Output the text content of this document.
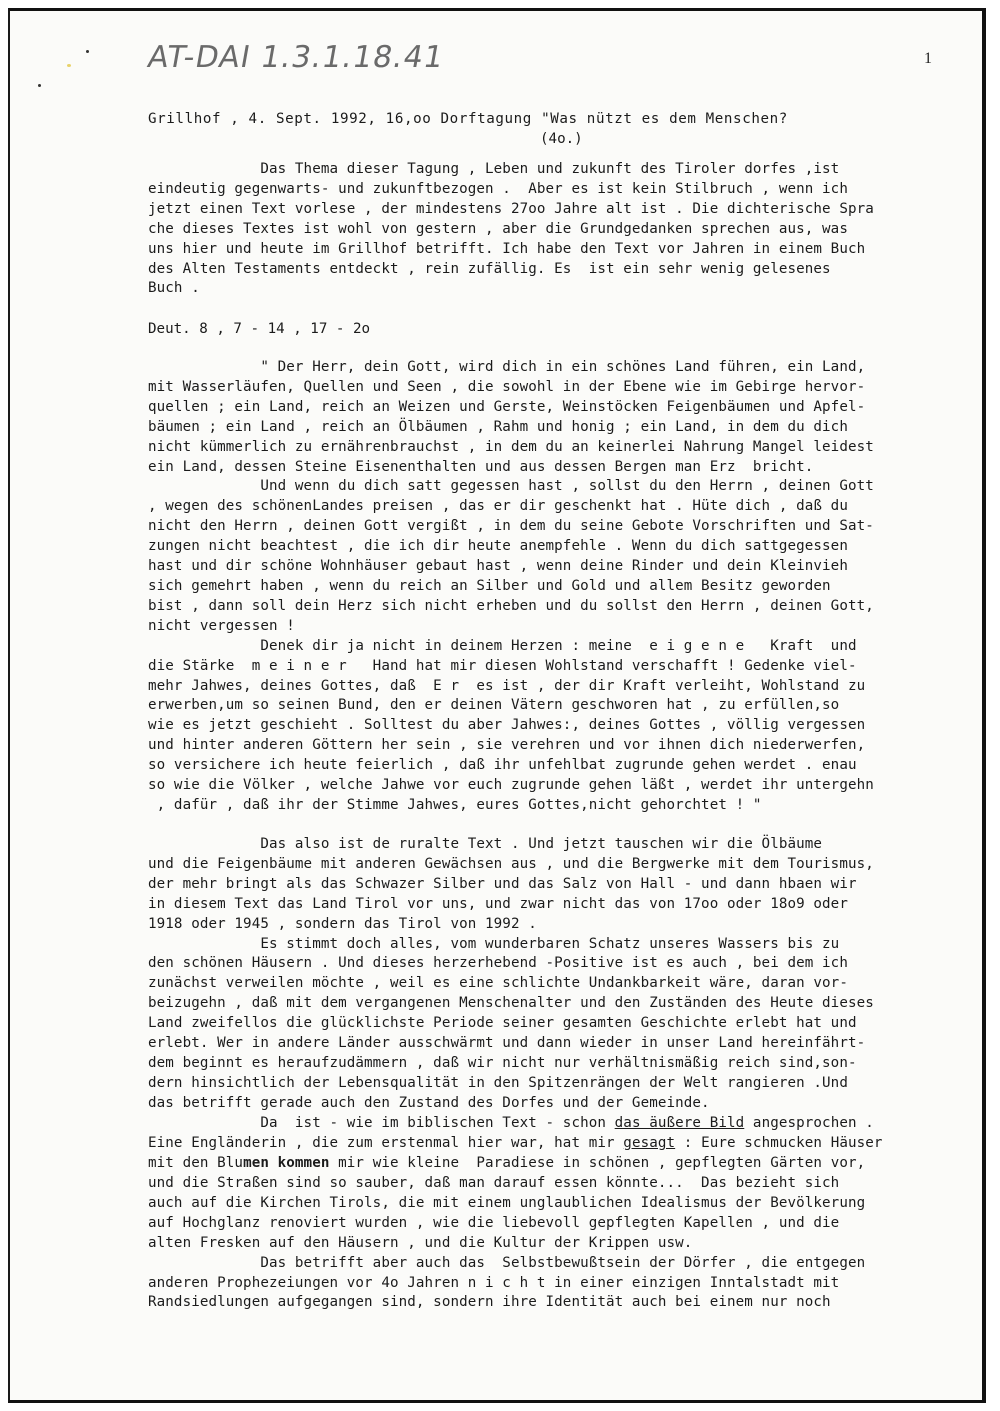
AT-DAI 1.3.1.18.41	1
Grillhof , 4. Sept. 1992, 16,oo Dorftagung "Was nützt es dem Menschen?
(4o.)
Das Thema dieser Tagung , Leben und zukunft des Tiroler dorfes ,ist
eindeutig gegenwarts- und zukunftbezogen .  Aber es ist kein Stilbruch , wenn ich
jetzt einen Text vorlese , der mindestens 27oo Jahre alt ist . Die dichterische Spra
che dieses Textes ist wohl von gestern , aber die Grundgedanken sprechen aus, was
uns hier und heute im Grillhof betrifft. Ich habe den Text vor Jahren in einem Buch
des Alten Testaments entdeckt , rein zufällig. Es  ist ein sehr wenig gelesenes
Buch .
Deut. 8 , 7 - 14 , 17 - 2o
" Der Herr, dein Gott, wird dich in ein schönes Land führen, ein Land,
mit Wasserläufen, Quellen und Seen , die sowohl in der Ebene wie im Gebirge hervor-
quellen ; ein Land, reich an Weizen und Gerste, Weinstöcken Feigenbäumen und Apfel-
bäumen ; ein Land , reich an Ölbäumen , Rahm und honig ; ein Land, in dem du dich
nicht kümmerlich zu ernährenbrauchst , in dem du an keinerlei Nahrung Mangel leidest
ein Land, dessen Steine Eisenenthalten und aus dessen Bergen man Erz  bricht.
Und wenn du dich satt gegessen hast , sollst du den Herrn , deinen Gott
, wegen des schönenLandes preisen , das er dir geschenkt hat . Hüte dich , daß du
nicht den Herrn , deinen Gott vergißt , in dem du seine Gebote Vorschriften und Sat-
zungen nicht beachtest , die ich dir heute anempfehle . Wenn du dich sattgegessen
hast und dir schöne Wohnhäuser gebaut hast , wenn deine Rinder und dein Kleinvieh
sich gemehrt haben , wenn du reich an Silber und Gold und allem Besitz geworden
bist , dann soll dein Herz sich nicht erheben und du sollst den Herrn , deinen Gott,
nicht vergessen !
Denek dir ja nicht in deinem Herzen : meine  e i g e n e   Kraft  und
die Stärke  m e i n e r   Hand hat mir diesen Wohlstand verschafft ! Gedenke viel-
mehr Jahwes, deines Gottes, daß  E r  es ist , der dir Kraft verleiht, Wohlstand zu
erwerben,um so seinen Bund, den er deinen Vätern geschworen hat , zu erfüllen,so
wie es jetzt geschieht . Solltest du aber Jahwes:, deines Gottes , völlig vergessen
und hinter anderen Göttern her sein , sie verehren und vor ihnen dich niederwerfen,
so versichere ich heute feierlich , daß ihr unfehlbat zugrunde gehen werdet . enau
so wie die Völker , welche Jahwe vor euch zugrunde gehen läßt , werdet ihr untergehn
, dafür , daß ihr der Stimme Jahwes, eures Gottes,nicht gehorchtet ! "
Das also ist de ruralte Text . Und jetzt tauschen wir die Ölbäume
und die Feigenbäume mit anderen Gewächsen aus , und die Bergwerke mit dem Tourismus,
der mehr bringt als das Schwazer Silber und das Salz von Hall - und dann hbaen wir
in diesem Text das Land Tirol vor uns, und zwar nicht das von 17oo oder 18o9 oder
1918 oder 1945 , sondern das Tirol von 1992 .
Es stimmt doch alles, vom wunderbaren Schatz unseres Wassers bis zu
den schönen Häusern . Und dieses herzerhebend -Positive ist es auch , bei dem ich
zunächst verweilen möchte , weil es eine schlichte Undankbarkeit wäre, daran vor-
beizugehn , daß mit dem vergangenen Menschenalter und den Zuständen des Heute dieses
Land zweifellos die glücklichste Periode seiner gesamten Geschichte erlebt hat und
erlebt. Wer in andere Länder ausschwärmt und dann wieder in unser Land hereinfährt-
dem beginnt es heraufzudämmern , daß wir nicht nur verhältnismäßig reich sind,son-
dern hinsichtlich der Lebensqualität in den Spitzenrängen der Welt rangieren .Und
das betrifft gerade auch den Zustand des Dorfes und der Gemeinde.
Da  ist - wie im biblischen Text - schon das äußere Bild angesprochen .
Eine Engländerin , die zum erstenmal hier war, hat mir gesagt : Eure schmucken Häuser
mit den Blumen kommen mir wie kleine  Paradiese in schönen , gepflegten Gärten vor,
und die Straßen sind so sauber, daß man darauf essen könnte...  Das bezieht sich
auch auf die Kirchen Tirols, die mit einem unglaublichen Idealismus der Bevölkerung
auf Hochglanz renoviert wurden , wie die liebevoll gepflegten Kapellen , und die
alten Fresken auf den Häusern , und die Kultur der Krippen usw.
Das betrifft aber auch das  Selbstbewußtsein der Dörfer , die entgegen
anderen Prophezeiungen vor 4o Jahren n i c h t in einer einzigen Inntalstadt mit
Randsiedlungen aufgegangen sind, sondern ihre Identität auch bei einem nur noch
